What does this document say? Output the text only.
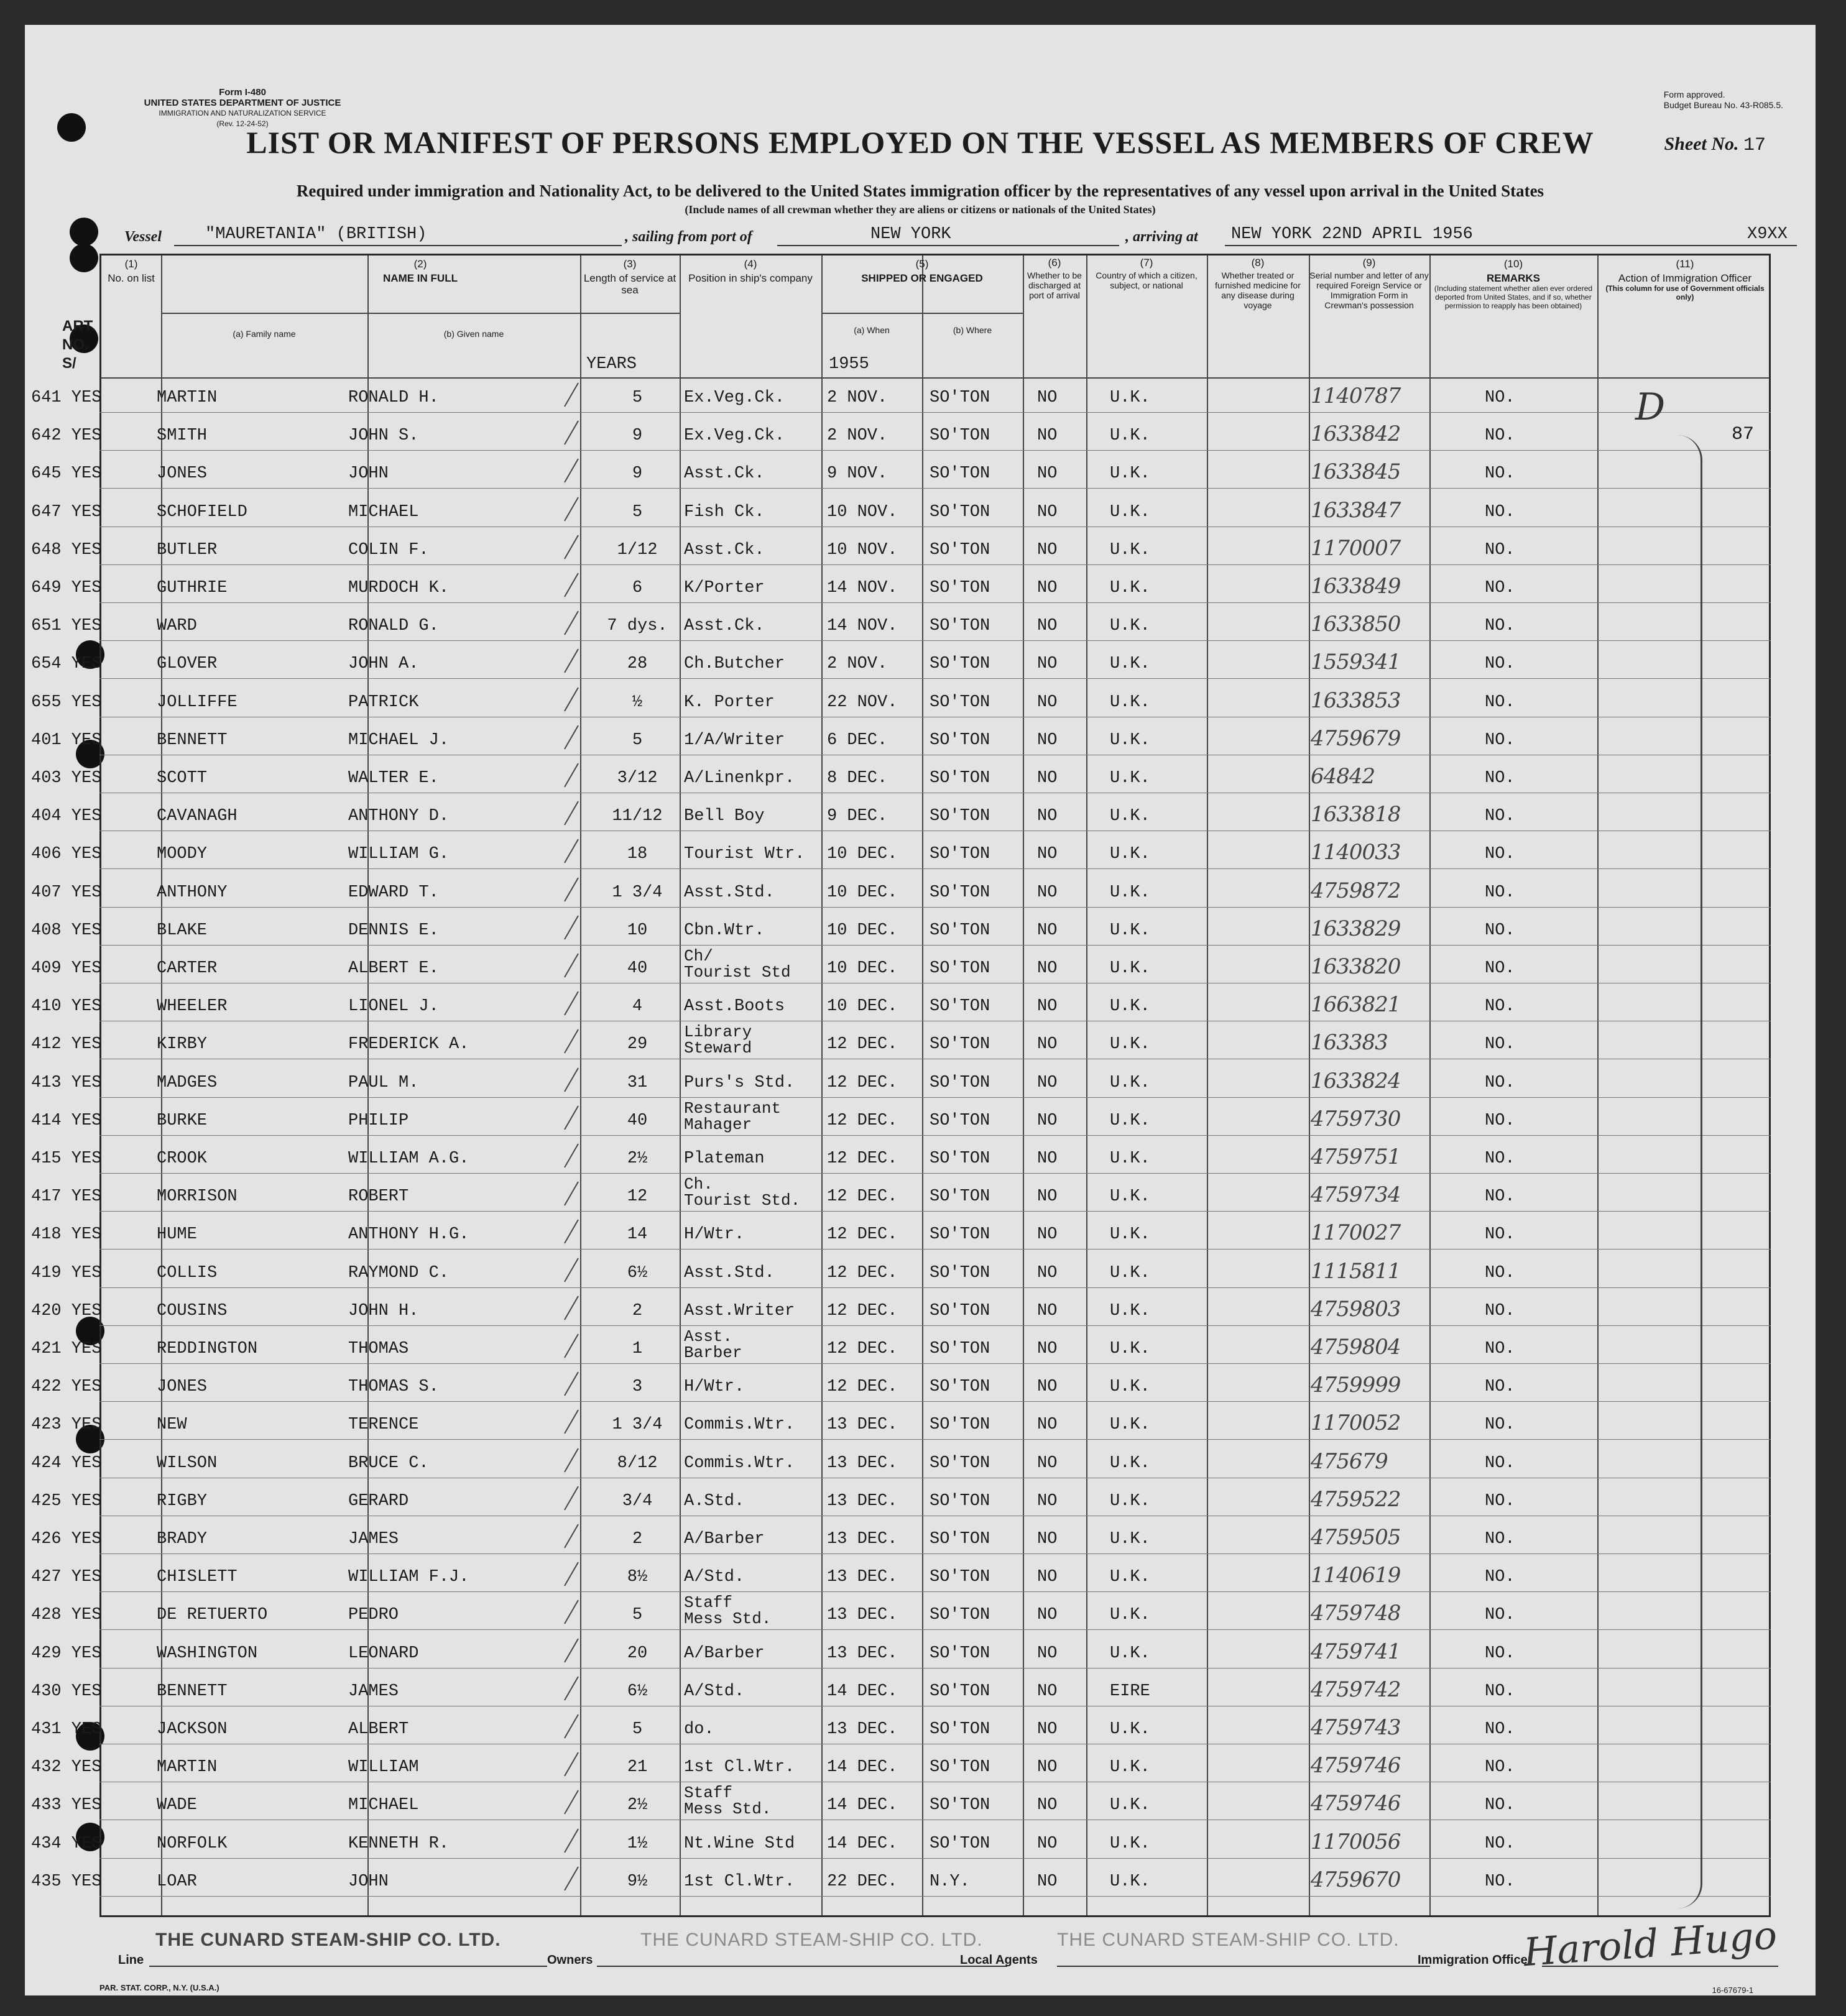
Form I-480
UNITED STATES DEPARTMENT OF JUSTICE
IMMIGRATION AND NATURALIZATION SERVICE
(Rev. 12-24-52)
Form approved.
Budget Bureau No. 43-R085.5.
LIST OR MANIFEST OF PERSONS EMPLOYED ON THE VESSEL AS MEMBERS OF CREW	Sheet No. 17
Required under immigration and Nationality Act, to be delivered to the United States immigration officer by the representatives of any vessel upon arrival in the United States
(Include names of all crewman whether they are aliens or citizens or nationals of the United States)
Vessel	"MAURETANIA" (BRITISH)	, sailing from port of	NEW YORK	, arriving at NEW YORK 22ND APRIL 1956	X9XX
ART.
NO.
S/
(1)
No. on list
(2)
NAME IN FULL
(a) Family name	(b) Given name
(3)
Length of service at sea
(4)
Position in ship's company
(5)
SHIPPED OR ENGAGED
(a) When	(b) Where
(6)
Whether to be discharged at port of arrival
(7)
Country of which a citizen, subject, or national
(8)
Whether treated or furnished medicine for any disease during voyage
(9)
Serial number and letter of any required Foreign Service or Immigration Form in Crewman's possession
(10)
REMARKS
(Including statement whether alien ever ordered deported from United States, and if so, whether permission to reapply has been obtained)
(11)
Action of Immigration Officer
(This column for use of Government officials only)
YEARS	1955
641 YES	MARTIN	RONALD H.	5	Ex.Veg.Ck.	2 NOV.	SO'TON	NO	U.K.	1140787	NO.
642 YES	SMITH	JOHN S.	9	Ex.Veg.Ck.	2 NOV.	SO'TON	NO	U.K.	1633842	NO.
645 YES	JONES	JOHN	9	Asst.Ck.	9 NOV.	SO'TON	NO	U.K.	1633845	NO.
647 YES	SCHOFIELD	MICHAEL	5	Fish Ck.	10 NOV. SO'TON	NO	U.K.	1633847	NO.
648 YES	BUTLER	COLIN F.	1/12	Asst.Ck.	10 NOV. SO'TON	NO	U.K.	1170007	NO.
649 YES	GUTHRIE	MURDOCH K.	6	K/Porter	14 NOV. SO'TON	NO	U.K.	1633849	NO.
651 YES	WARD	RONALD G.	7 dys. Asst.Ck.	14 NOV. SO'TON	NO	U.K.	1633850	NO.
654 YES	GLOVER	JOHN A.	28	Ch.Butcher	2 NOV.	SO'TON	NO	U.K.	1559341	NO.
655 YES	JOLLIFFE	PATRICK	½	K. Porter	22 NOV. SO'TON	NO	U.K.	1633853	NO.
401 YES	BENNETT	MICHAEL J.	5	1/A/Writer	6 DEC.	SO'TON	NO	U.K.	4759679	NO.
403 YES	SCOTT	WALTER E.	3/12	A/Linenkpr. 8 DEC.	SO'TON	NO	U.K.	64842	NO.
404 YES	CAVANAGH	ANTHONY D.	11/12	Bell Boy	9 DEC.	SO'TON	NO	U.K.	1633818	NO.
406 YES	MOODY	WILLIAM G.	18	Tourist Wtr. 10 DEC. SO'TON	NO	U.K.	1140033	NO.
407 YES	ANTHONY	EDWARD T.	1 3/4	Asst.Std.	10 DEC. SO'TON	NO	U.K.	4759872	NO.
408 YES	BLAKE	DENNIS E.	10	Cbn.Wtr.	10 DEC. SO'TON	NO	U.K.	1633829	NO.
409 YES	CARTER	ALBERT E.	40
Ch/
Tourist Std 10 DEC. SO'TON	NO	U.K.	1633820	NO.
410 YES	WHEELER	LIONEL J.	4	Asst.Boots	10 DEC. SO'TON	NO	U.K.	1663821	NO.
412 YES	KIRBY	FREDERICK A.	29
Library
Steward	12 DEC. SO'TON	NO	U.K.	163383	NO.
413 YES	MADGES	PAUL M.	31	Purs's Std. 12 DEC. SO'TON	NO	U.K.	1633824	NO.
414 YES	BURKE	PHILIP	40
Restaurant
Mahager	12 DEC. SO'TON	NO	U.K.	4759730	NO.
415 YES	CROOK	WILLIAM A.G.	2½	Plateman	12 DEC. SO'TON	NO	U.K.	4759751	NO.
417 YES	MORRISON	ROBERT	12
Ch.
Tourist Std. 12 DEC. SO'TON	NO	U.K.	4759734	NO.
418 YES	HUME	ANTHONY H.G.	14	H/Wtr.	12 DEC. SO'TON	NO	U.K.	1170027	NO.
419 YES	COLLIS	RAYMOND C.	6½	Asst.Std.	12 DEC. SO'TON	NO	U.K.	1115811	NO.
420 YES	COUSINS	JOHN H.	2	Asst.Writer 12 DEC. SO'TON	NO	U.K.	4759803	NO.
421 YES	REDDINGTON	THOMAS	1
Asst.
Barber	12 DEC. SO'TON	NO	U.K.	4759804	NO.
422 YES	JONES	THOMAS S.	3	H/Wtr.	12 DEC. SO'TON	NO	U.K.	4759999	NO.
423 YES	NEW	TERENCE	1 3/4	Commis.Wtr. 13 DEC. SO'TON	NO	U.K.	1170052	NO.
424 YES	WILSON	BRUCE C.	8/12	Commis.Wtr. 13 DEC. SO'TON	NO	U.K.	475679	NO.
425 YES	RIGBY	GERARD	3/4	A.Std.	13 DEC. SO'TON	NO	U.K.	4759522	NO.
426 YES	BRADY	JAMES	2	A/Barber	13 DEC. SO'TON	NO	U.K.	4759505	NO.
427 YES	CHISLETT	WILLIAM F.J.	8½	A/Std.	13 DEC. SO'TON	NO	U.K.	1140619	NO.
428 YES	DE RETUERTO	PEDRO	5
Staff
Mess Std.	13 DEC. SO'TON	NO	U.K.	4759748	NO.
429 YES	WASHINGTON	LEONARD	20	A/Barber	13 DEC. SO'TON	NO	U.K.	4759741	NO.
430 YES	BENNETT	JAMES	6½	A/Std.	14 DEC. SO'TON	NO	EIRE	4759742	NO.
431 YES	JACKSON	ALBERT	5	do.	13 DEC. SO'TON	NO	U.K.	4759743	NO.
432 YES	MARTIN	WILLIAM	21	1st Cl.Wtr. 14 DEC. SO'TON	NO	U.K.	4759746	NO.
433 YES	WADE	MICHAEL	2½
Staff
Mess Std.	14 DEC. SO'TON	NO	U.K.	4759746	NO.
434 YES	NORFOLK	KENNETH R.	1½	Nt.Wine Std 14 DEC. SO'TON	NO	U.K.	1170056	NO.
435 YES	LOAR	JOHN	9½	1st Cl.Wtr. 22 DEC. N.Y.	NO	U.K.	4759670	NO.
D
87
Line
THE CUNARD STEAM-SHIP CO. LTD.
Owners
THE CUNARD STEAM-SHIP CO. LTD.
Local Agents
THE CUNARD STEAM-SHIP CO. LTD.
Immigration Officer
Harold Hugo
PAR. STAT. CORP., N.Y. (U.S.A.)	16-67679-1
